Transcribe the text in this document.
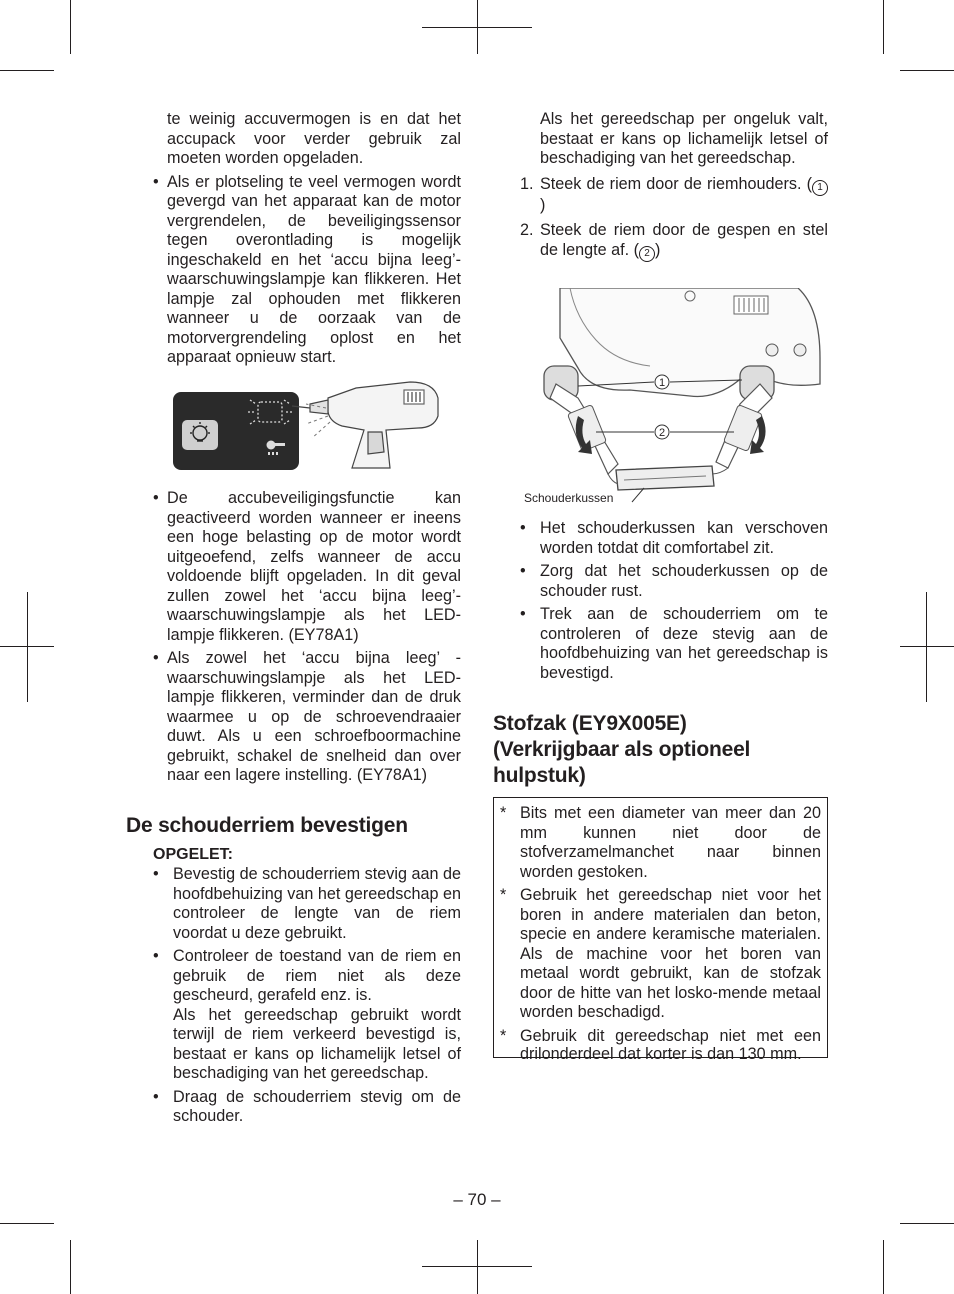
te weinig accuvermogen is en dat het accupack voor verder gebruik zal moeten worden opgeladen.
• Als er plotseling te veel vermogen wordt gevergd van het apparaat kan de motor vergrendelen, de beveiligingssensor tegen overontlading is mogelijk ingeschakeld en het ‘accu bijna leeg’-waarschuwingslampje kan flikkeren. Het lampje zal ophouden met flikkeren wanneer u de oorzaak van de motorvergrendeling oplost en het apparaat opnieuw start.
• De accubeveiligingsfunctie kan geactiveerd worden wanneer er ineens een hoge belasting op de motor wordt uitgeoefend, zelfs wanneer de accu voldoende blijft opgeladen. In dit geval zullen zowel het ‘accu bijna leeg’-waarschuwingslampje als het LED-lampje flikkeren. (EY78A1)
• Als zowel het ‘accu bijna leeg’ -waarschuwingslampje als het LED-lampje flikkeren, verminder dan de druk waarmee u op de schroevendraaier duwt. Als u een schroefboormachine gebruikt, schakel de snelheid dan over naar een lagere instelling. (EY78A1)
De schouderriem bevestigen
OPGELET:
• Bevestig de schouderriem stevig aan de hoofdbehuizing van het gereedschap en controleer de lengte van de riem voordat u deze gebruikt.
• Controleer de toestand van de riem en gebruik de riem niet als deze gescheurd, gerafeld enz. is.
Als het gereedschap gebruikt wordt terwijl de riem verkeerd bevestigd is, bestaat er kans op lichamelijk letsel of beschadiging van het gereedschap.
• Draag de schouderriem stevig om de schouder.
Als het gereedschap per ongeluk valt, bestaat er kans op lichamelijk letsel of beschadiging van het gereedschap.
1. Steek de riem door de riemhouders. ( 1)
2. Steek de riem door de gespen en stel de lengte af. ( 2 )
1
2
Schouderkussen
• Het schouderkussen kan verschoven worden totdat dit comfortabel zit.
• Zorg dat het schouderkussen op de schouder rust.
• Trek aan de schouderriem om te controleren of deze stevig aan de hoofdbehuizing van het gereedschap is bevestigd.
Stofzak (EY9X005E)
(Verkrijgbaar als optioneel
hulpstuk)
* Bits met een diameter van meer dan 20 mm kunnen niet door de stofverzamelmanchet naar binnen worden gestoken.
* Gebruik het gereedschap niet voor het boren in andere materialen dan beton, specie en andere keramische materialen. Als de machine voor het boren van metaal wordt gebruikt, kan de stofzak door de hitte van het losko-mende metaal worden beschadigd.
* Gebruik dit gereedschap niet met een drilonderdeel dat korter is dan 130 mm.
– 70 –
